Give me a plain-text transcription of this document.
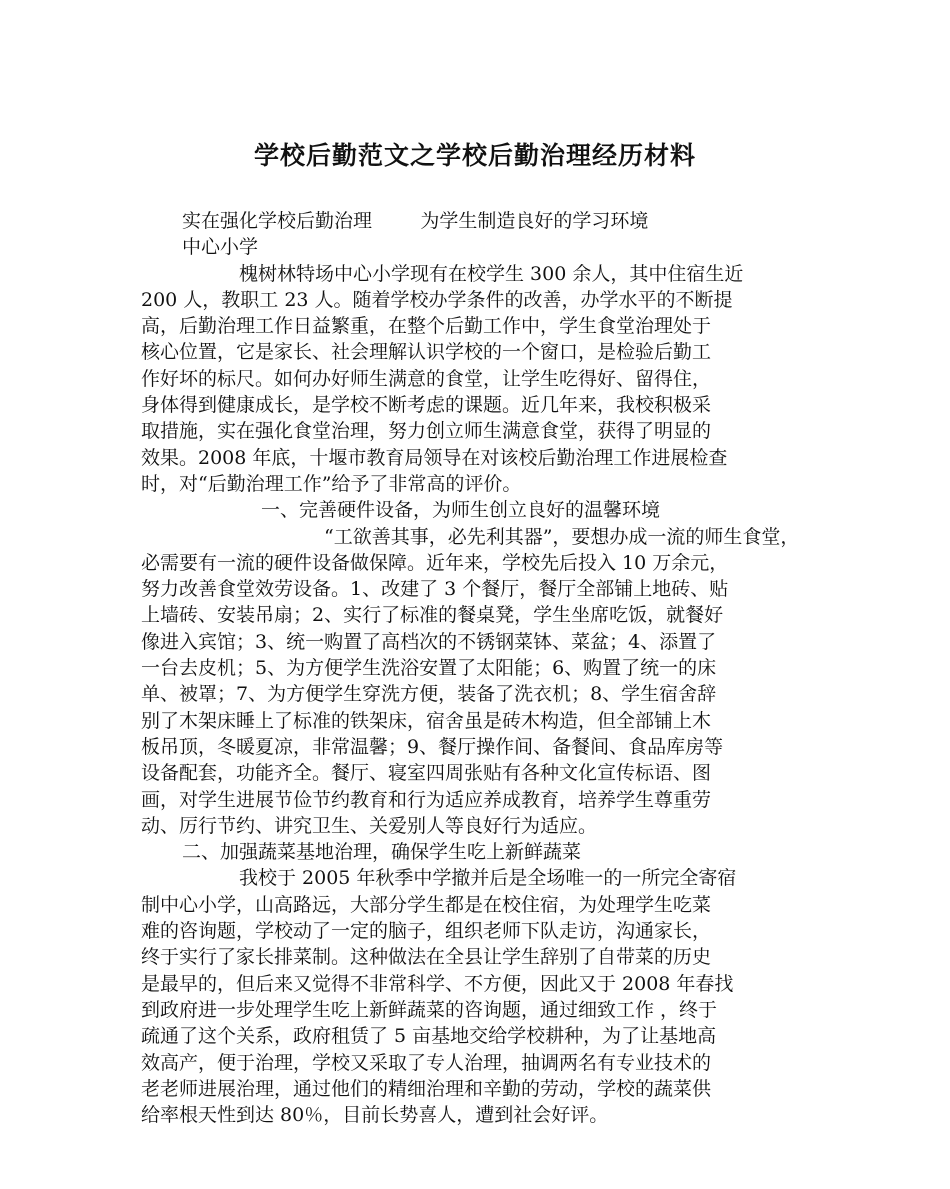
学校后勤范文之学校后勤治理经历材料

实在强化学校后勤治理        为学生制造良好的学习环境

中心小学

槐树林特场中心小学现有在校学生 300 余人，其中住宿生近

200 人，教职工 23 人。随着学校办学条件的改善，办学水平的不断提

高，后勤治理工作日益繁重，在整个后勤工作中，学生食堂治理处于

核心位置，它是家长、社会理解认识学校的一个窗口，是检验后勤工

作好坏的标尺。如何办好师生满意的食堂，让学生吃得好、留得住，

身体得到健康成长，是学校不断考虑的课题。近几年来，我校积极采

取措施，实在强化食堂治理，努力创立师生满意食堂，获得了明显的

效果。2008 年底，十堰市教育局领导在对该校后勤治理工作进展检查

时，对“后勤治理工作”给予了非常高的评价。

一、完善硬件设备，为师生创立良好的温馨环境

“工欲善其事，必先利其器”，要想办成一流的师生食堂，

必需要有一流的硬件设备做保障。近年来，学校先后投入 10 万余元，

努力改善食堂效劳设备。1、改建了 3 个餐厅，餐厅全部铺上地砖、贴

上墙砖、安装吊扇；2、实行了标准的餐桌凳，学生坐席吃饭，就餐好

像进入宾馆；3、统一购置了高档次的不锈钢菜钵、菜盆；4、添置了

一台去皮机；5、为方便学生洗浴安置了太阳能；6、购置了统一的床

单、被罩；7、为方便学生穿洗方便，装备了洗衣机；8、学生宿舍辞

别了木架床睡上了标准的铁架床，宿舍虽是砖木构造，但全部铺上木

板吊顶，冬暖夏凉，非常温馨；9、餐厅操作间、备餐间、食品库房等

设备配套，功能齐全。餐厅、寝室四周张贴有各种文化宣传标语、图

画，对学生进展节俭节约教育和行为适应养成教育，培养学生尊重劳

动、厉行节约、讲究卫生、关爱别人等良好行为适应。

二、加强蔬菜基地治理，确保学生吃上新鲜蔬菜

我校于 2005 年秋季中学撤并后是全场唯一的一所完全寄宿

制中心小学，山高路远，大部分学生都是在校住宿，为处理学生吃菜

难的咨询题，学校动了一定的脑子，组织老师下队走访，沟通家长，

终于实行了家长排菜制。这种做法在全县让学生辞别了自带菜的历史

是最早的，但后来又觉得不非常科学、不方便，因此又于 2008 年春找

到政府进一步处理学生吃上新鲜蔬菜的咨询题，通过细致工作 ，终于

疏通了这个关系，政府租赁了 5 亩基地交给学校耕种，为了让基地高

效高产，便于治理，学校又采取了专人治理，抽调两名有专业技术的

老老师进展治理，通过他们的精细治理和辛勤的劳动，学校的蔬菜供

给率根天性到达 80％，目前长势喜人，遭到社会好评。
